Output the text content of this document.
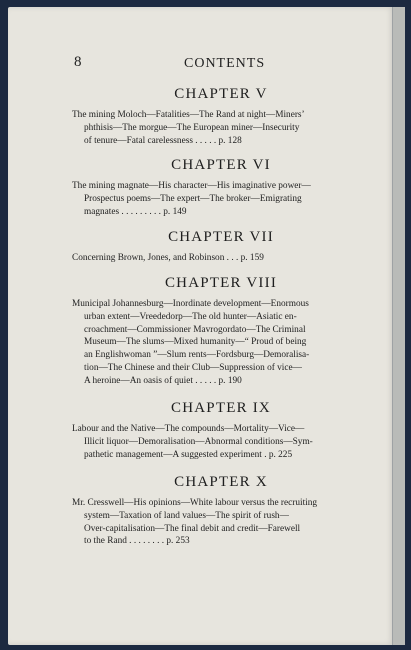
8	CONTENTS
CHAPTER V
The mining Moloch—Fatalities—The Rand at night—Miners’
phthisis—The morgue—The European miner—Insecurity
of tenure—Fatal carelessness . . . . . p. 128
CHAPTER VI
The mining magnate—His character—His imaginative power—
Prospectus poems—The expert—The broker—Emigrating
magnates . . . . . . . . . p. 149
CHAPTER VII
Concerning Brown, Jones, and Robinson . . . p. 159
CHAPTER VIII
Municipal Johannesburg—Inordinate development—Enormous
urban extent—Vreededorp—The old hunter—Asiatic en-
croachment—Commissioner Mavrogordato—The Criminal
Museum—The slums—Mixed humanity—“ Proud of being
an Englishwoman ”—Slum rents—Fordsburg—Demoralisa-
tion—The Chinese and their Club—Suppression of vice—
A heroine—An oasis of quiet . . . . . p. 190
CHAPTER IX
Labour and the Native—The compounds—Mortality—Vice—
Illicit liquor—Demoralisation—Abnormal conditions—Sym-
pathetic management—A suggested experiment . p. 225
CHAPTER X
Mr. Cresswell—His opinions—White labour versus the recruiting
system—Taxation of land values—The spirit of rush—
Over-capitalisation—The final debit and credit—Farewell
to the Rand . . . . . . . . p. 253
